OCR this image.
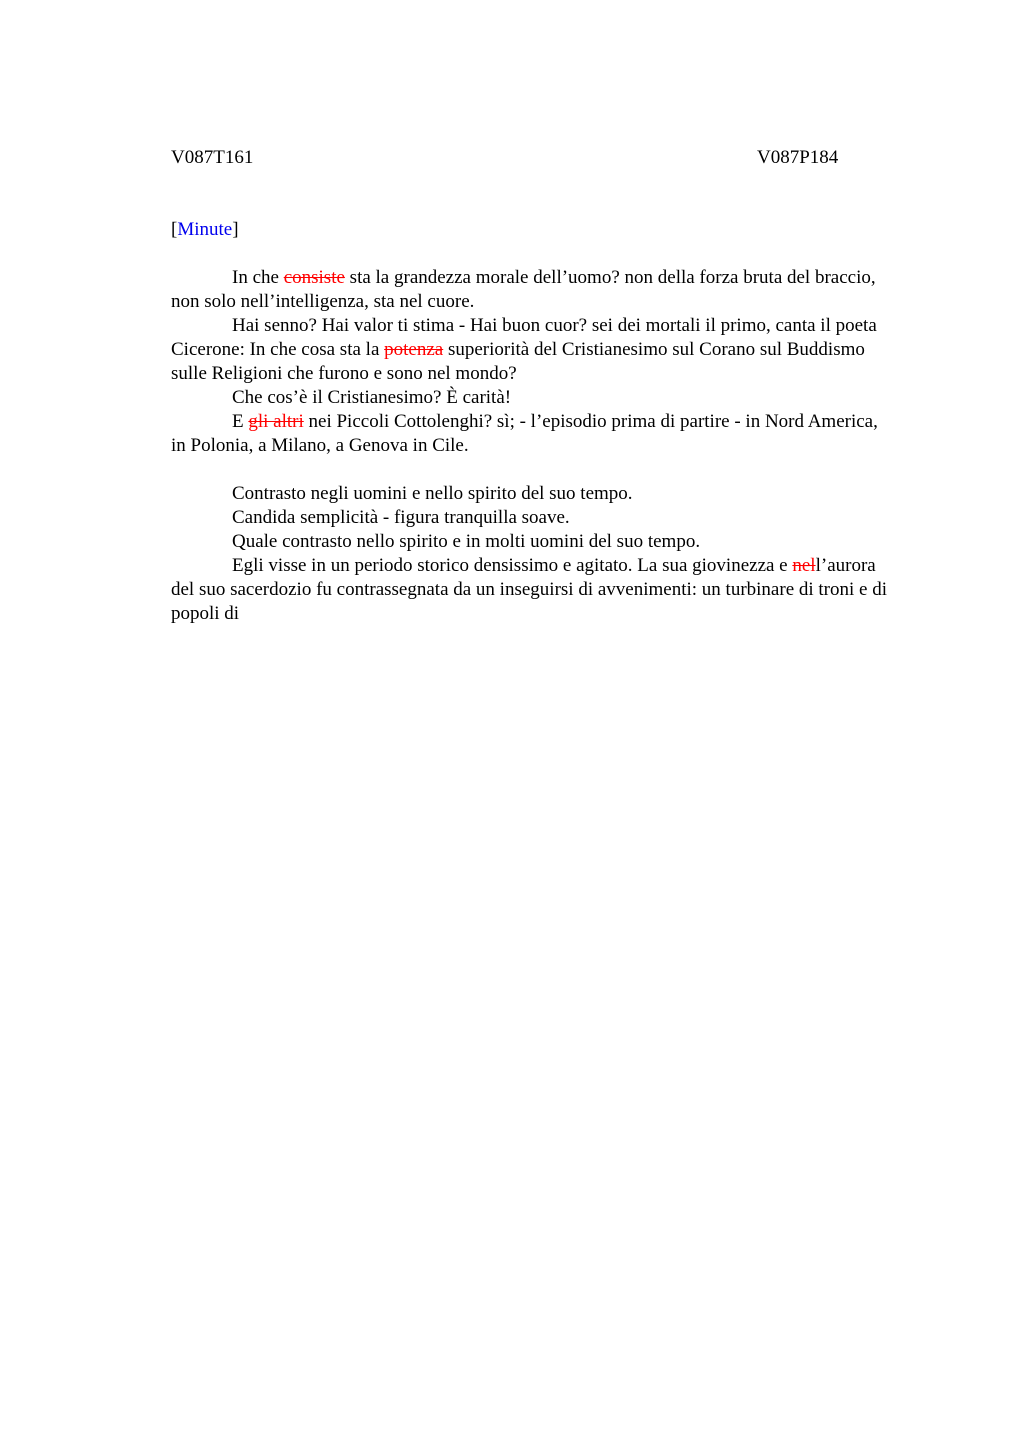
V087T161	V087P184
[Minute]

In che consiste sta la grandezza morale dell’uomo? non della forza bruta del braccio, non solo nell’intelligenza, sta nel cuore.

Hai senno? Hai valor ti stima - Hai buon cuor? sei dei mortali il primo, canta il poeta Cicerone: In che cosa sta la potenza superiorità del Cristianesimo sul Corano sul Buddismo sulle Religioni che furono e sono nel mondo?

Che cos’è il Cristianesimo? È carità!

E gli altri nei Piccoli Cottolenghi? sì; - l’episodio prima di partire - in Nord America, in Polonia, a Milano, a Genova in Cile.

Contrasto negli uomini e nello spirito del suo tempo.

Candida semplicità - figura tranquilla soave.

Quale contrasto nello spirito e in molti uomini del suo tempo.

Egli visse in un periodo storico densissimo e agitato. La sua giovinezza e nell’aurora del suo sacerdozio fu contrassegnata da un inseguirsi di avvenimenti: un turbinare di troni e di popoli di
